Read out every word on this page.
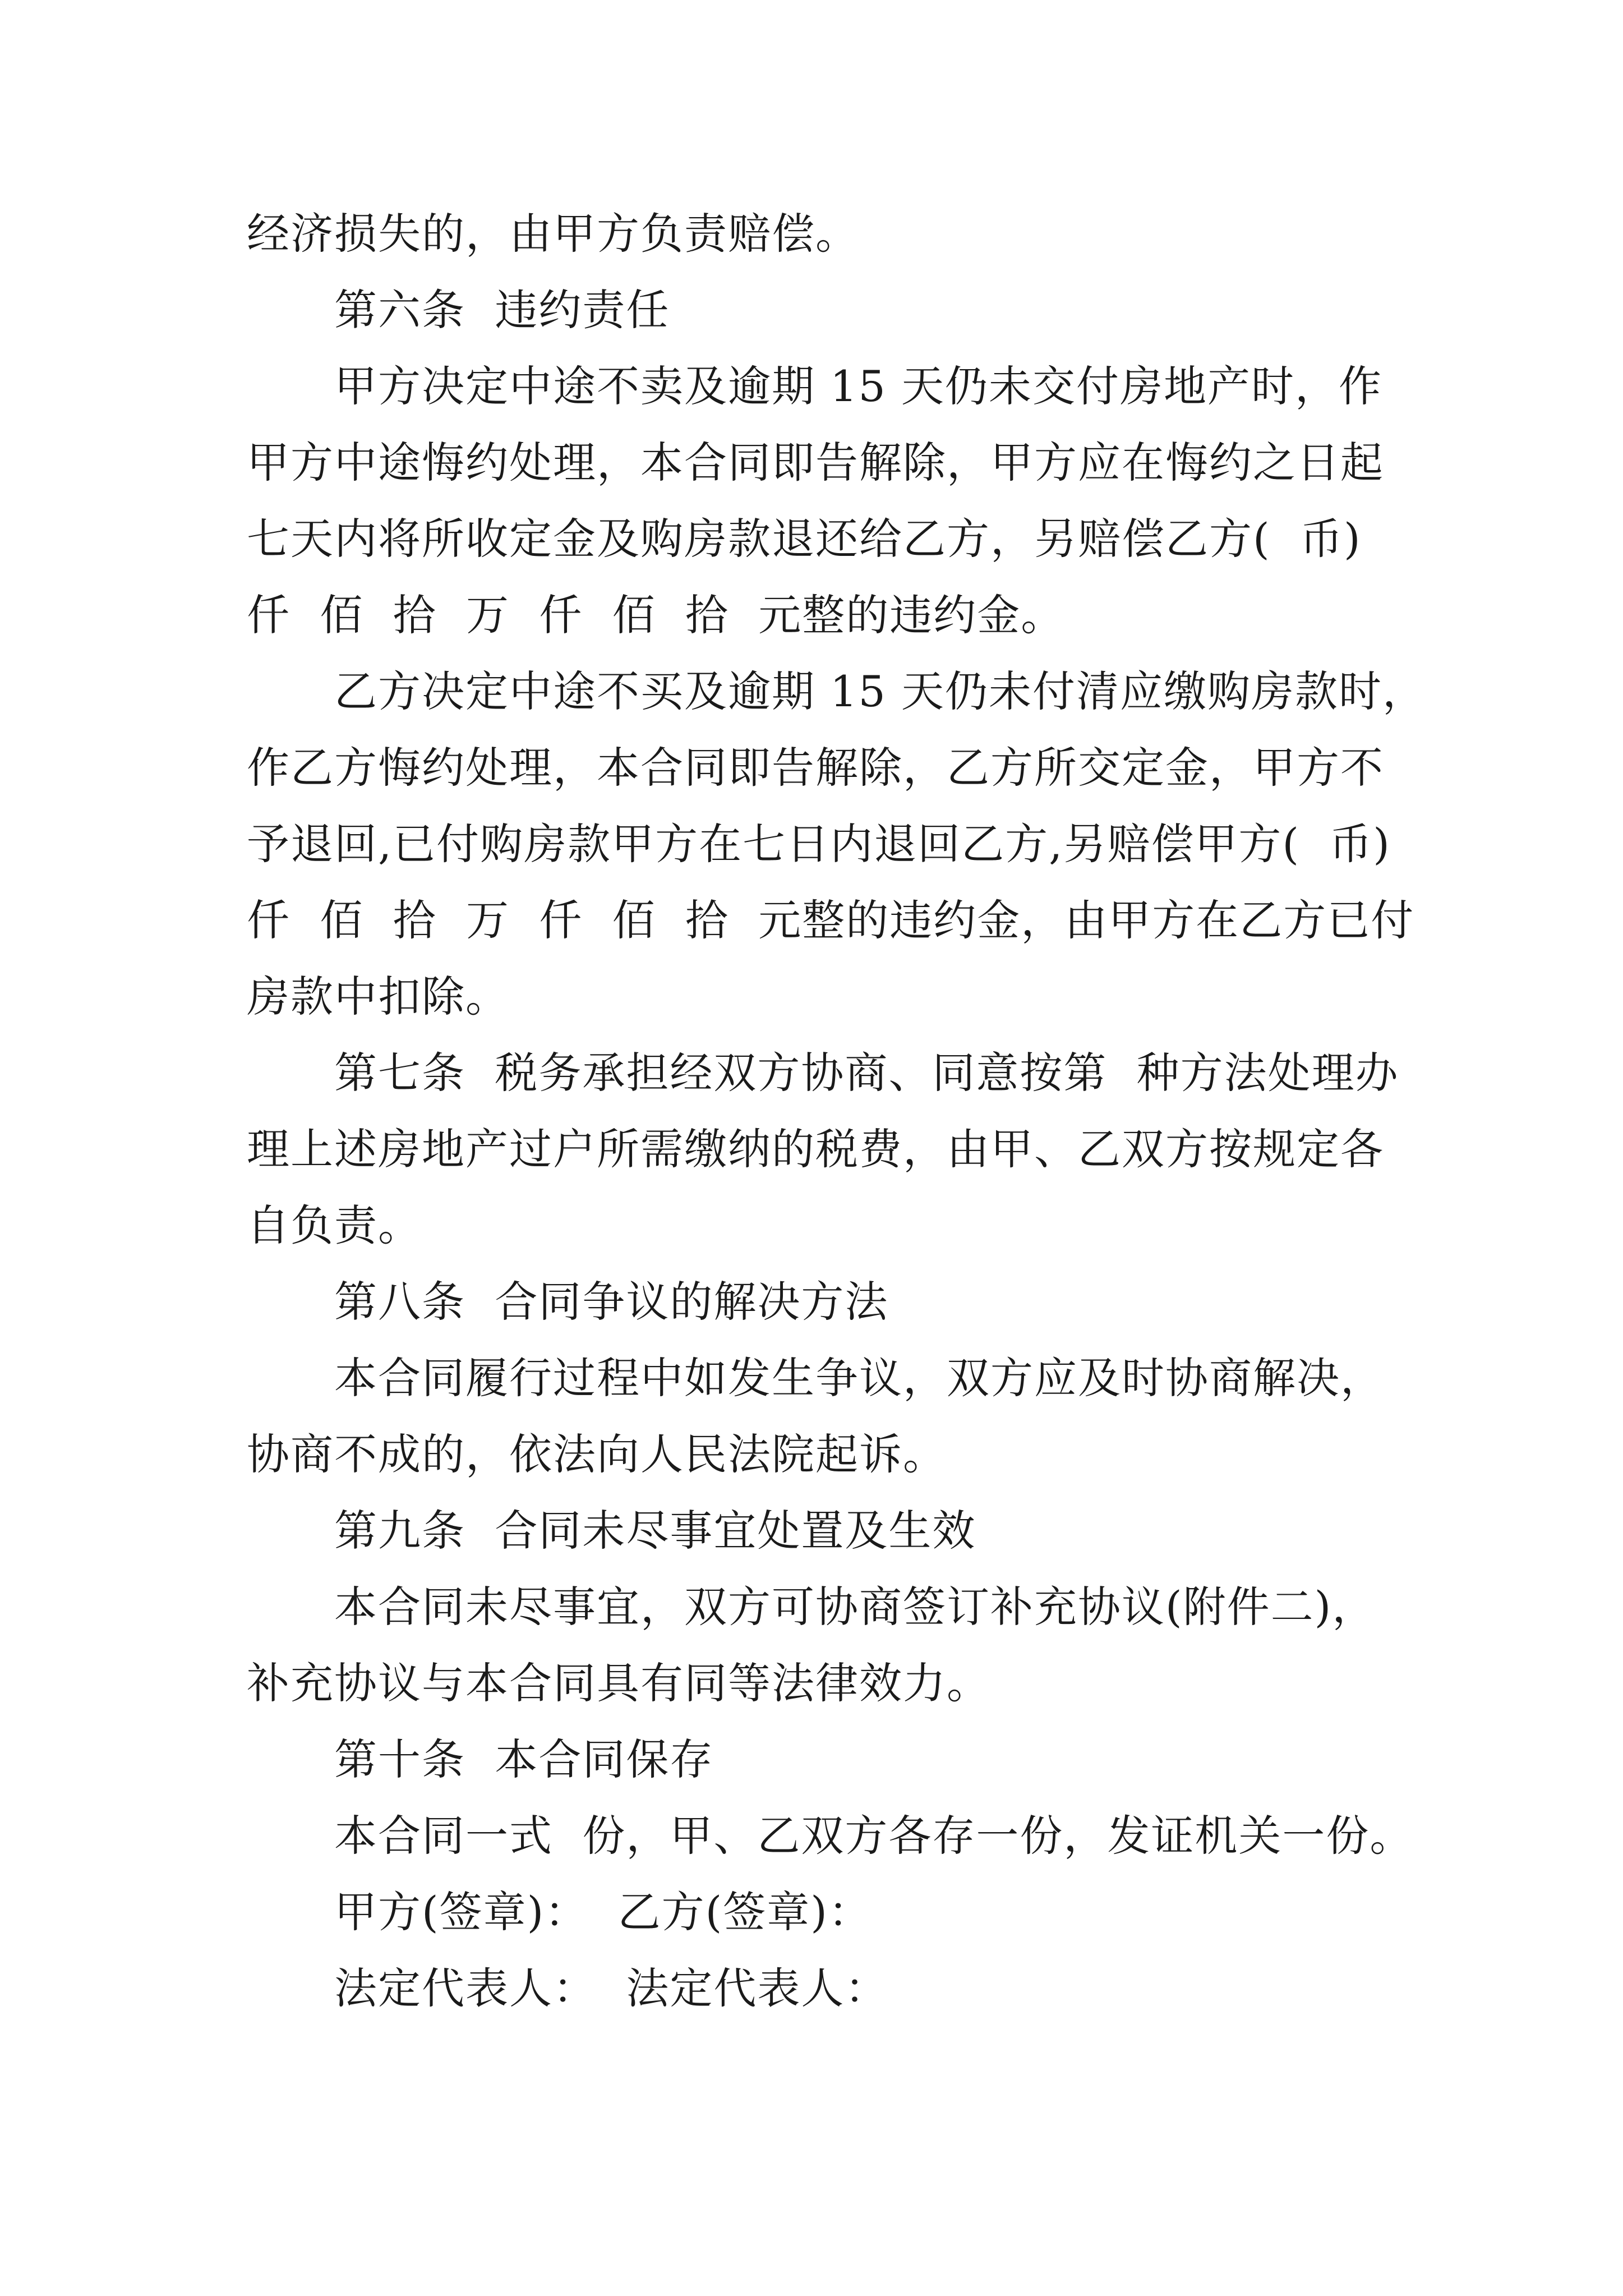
经济损失的，由甲方负责赔偿。
第六条  违约责任
甲方决定中途不卖及逾期 15 天仍未交付房地产时，作
甲方中途悔约处理，本合同即告解除，甲方应在悔约之日起
七天内将所收定金及购房款退还给乙方，另赔偿乙方(  币)
仟  佰  拾  万  仟  佰  拾  元整的违约金。
乙方决定中途不买及逾期 15 天仍未付清应缴购房款时，
作乙方悔约处理，本合同即告解除，乙方所交定金，甲方不
予退回,已付购房款甲方在七日内退回乙方,另赔偿甲方(  币)
仟  佰  拾  万  仟  佰  拾  元整的违约金，由甲方在乙方已付
房款中扣除。
第七条  税务承担经双方协商、同意按第  种方法处理办
理上述房地产过户所需缴纳的税费，由甲、乙双方按规定各
自负责。
第八条  合同争议的解决方法
本合同履行过程中如发生争议，双方应及时协商解决，
协商不成的，依法向人民法院起诉。
第九条  合同未尽事宜处置及生效
本合同未尽事宜，双方可协商签订补充协议(附件二)，
补充协议与本合同具有同等法律效力。
第十条  本合同保存
本合同一式  份，甲、乙双方各存一份，发证机关一份。
甲方(签章)：  乙方(签章)：
法定代表人：  法定代表人：
